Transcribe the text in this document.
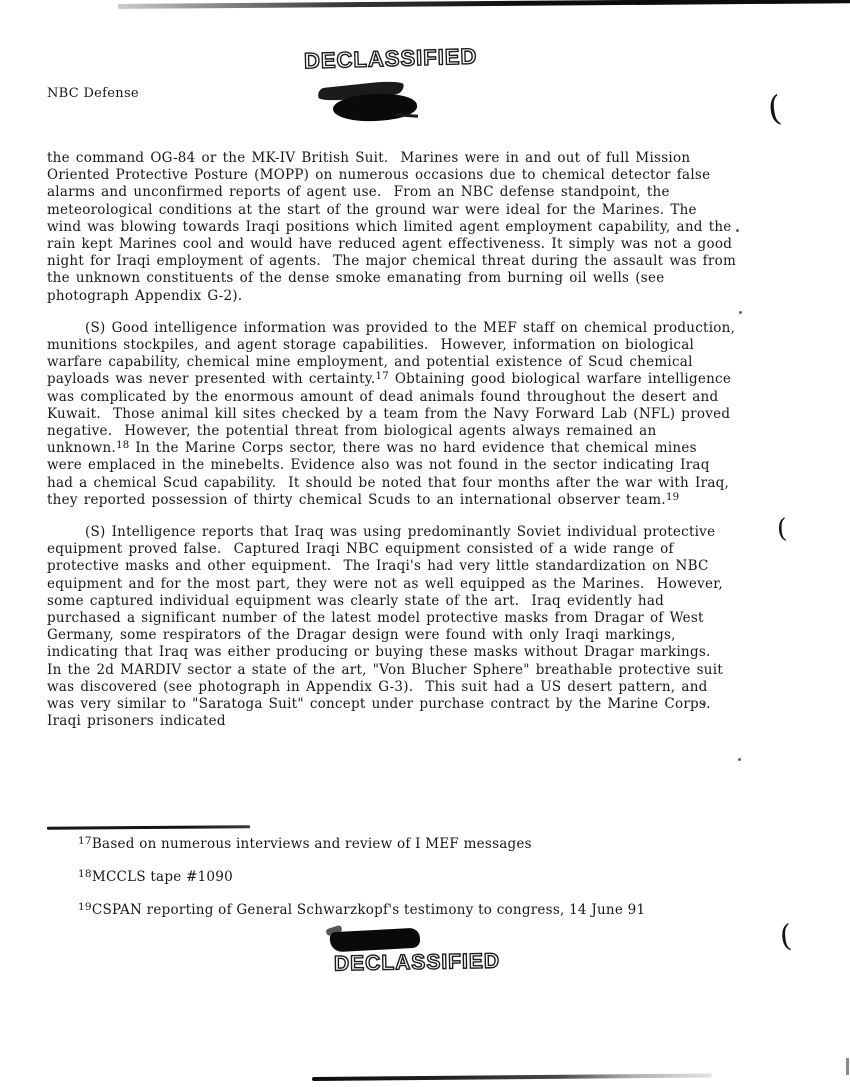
NBC Defense
DECLASSIFIED
(
(
(
the command OG-84 or the MK-IV British Suit.  Marines were in and out of full Mission Oriented Protective Posture (MOPP) on numerous occasions due to chemical detector false alarms and unconfirmed reports of agent use.  From an NBC defense standpoint, the meteorological conditions at the start of the ground war were ideal for the Marines. The wind was blowing towards Iraqi positions which limited agent employment capability, and the rain kept Marines cool and would have reduced agent effectiveness. It simply was not a good night for Iraqi employment of agents.  The major chemical threat during the assault was from the unknown constituents of the dense smoke emanating from burning oil wells (see photograph Appendix G-2).
(S) Good intelligence information was provided to the MEF staff on chemical production, munitions stockpiles, and agent storage capabilities.  However, information on biological warfare capability, chemical mine employment, and potential existence of Scud chemical payloads was never presented with certainty.$^{17}$ Obtaining good biological warfare intelligence was complicated by the enormous amount of dead animals found throughout the desert and Kuwait.  Those animal kill sites checked by a team from the Navy Forward Lab (NFL) proved negative.  However, the potential threat from biological agents always remained an unknown.$^{18}$ In the Marine Corps sector, there was no hard evidence that chemical mines were emplaced in the minebelts. Evidence also was not found in the sector indicating Iraq had a chemical Scud capability.  It should be noted that four months after the war with Iraq, they reported possession of thirty chemical Scuds to an international observer team.$^{19}$
(S) Intelligence reports that Iraq was using predominantly Soviet individual protective equipment proved false.  Captured Iraqi NBC equipment consisted of a wide range of protective masks and other equipment.  The Iraqi's had very little standardization on NBC equipment and for the most part, they were not as well equipped as the Marines.  However, some captured individual equipment was clearly state of the art.  Iraq evidently had purchased a significant number of the latest model protective masks from Dragar of West Germany, some respirators of the Dragar design were found with only Iraqi markings, indicating that Iraq was either producing or buying these masks without Dragar markings.  In the 2d MARDIV sector a state of the art, "Von Blucher Sphere" breathable protective suit was discovered (see photograph in Appendix G-3).  This suit had a US desert pattern, and was very similar to "Saratoga Suit" concept under purchase contract by the Marine Corps.  Iraqi prisoners indicated
$^{17}$Based on numerous interviews and review of I MEF messages
$^{18}$MCCLS tape #1090
$^{19}$CSPAN reporting of General Schwarzkopf's testimony to congress, 14 June 91
DECLASSIFIED
